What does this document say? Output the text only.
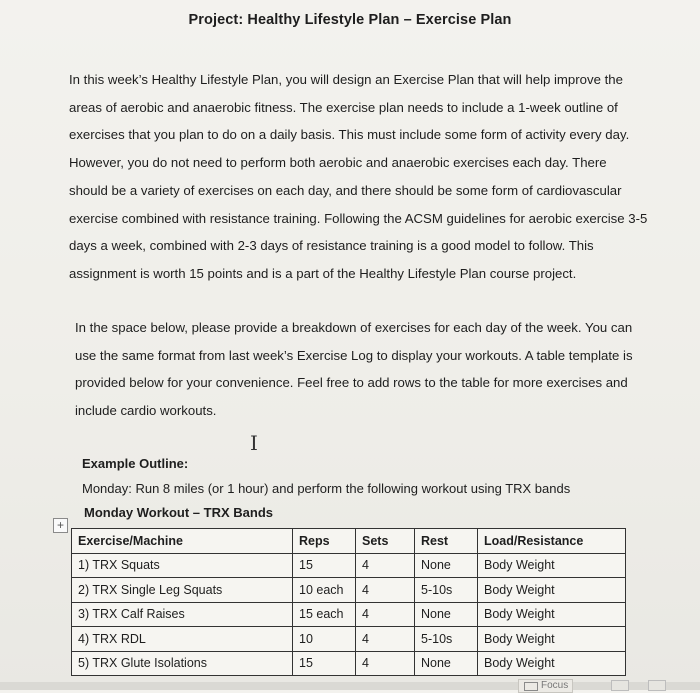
Project: Healthy Lifestyle Plan – Exercise Plan

In this week’s Healthy Lifestyle Plan, you will design an Exercise Plan that will help improve the areas of aerobic and anaerobic fitness. The exercise plan needs to include a 1-week outline of exercises that you plan to do on a daily basis. This must include some form of activity every day. However, you do not need to perform both aerobic and anaerobic exercises each day. There should be a variety of exercises on each day, and there should be some form of cardiovascular exercise combined with resistance training. Following the ACSM guidelines for aerobic exercise 3-5 days a week, combined with 2-3 days of resistance training is a good model to follow. This assignment is worth 15 points and is a part of the Healthy Lifestyle Plan course project.

In the space below, please provide a breakdown of exercises for each day of the week. You can use the same format from last week’s Exercise Log to display your workouts. A table template is provided below for your convenience. Feel free to add rows to the table for more exercises and include cardio workouts.

I
Example Outline:
Monday: Run 8 miles (or 1 hour) and perform the following workout using TRX bands
Monday Workout – TRX Bands
+
Exercise/Machine	Reps	Sets	Rest	Load/Resistance
1) TRX Squats	15	4	None	Body Weight
2) TRX Single Leg Squats	10 each	4	5-10s	Body Weight
3) TRX Calf Raises	15 each	4	None	Body Weight
4) TRX RDL	10	4	5-10s	Body Weight
5) TRX Glute Isolations	15	4	None	Body Weight
Focus
